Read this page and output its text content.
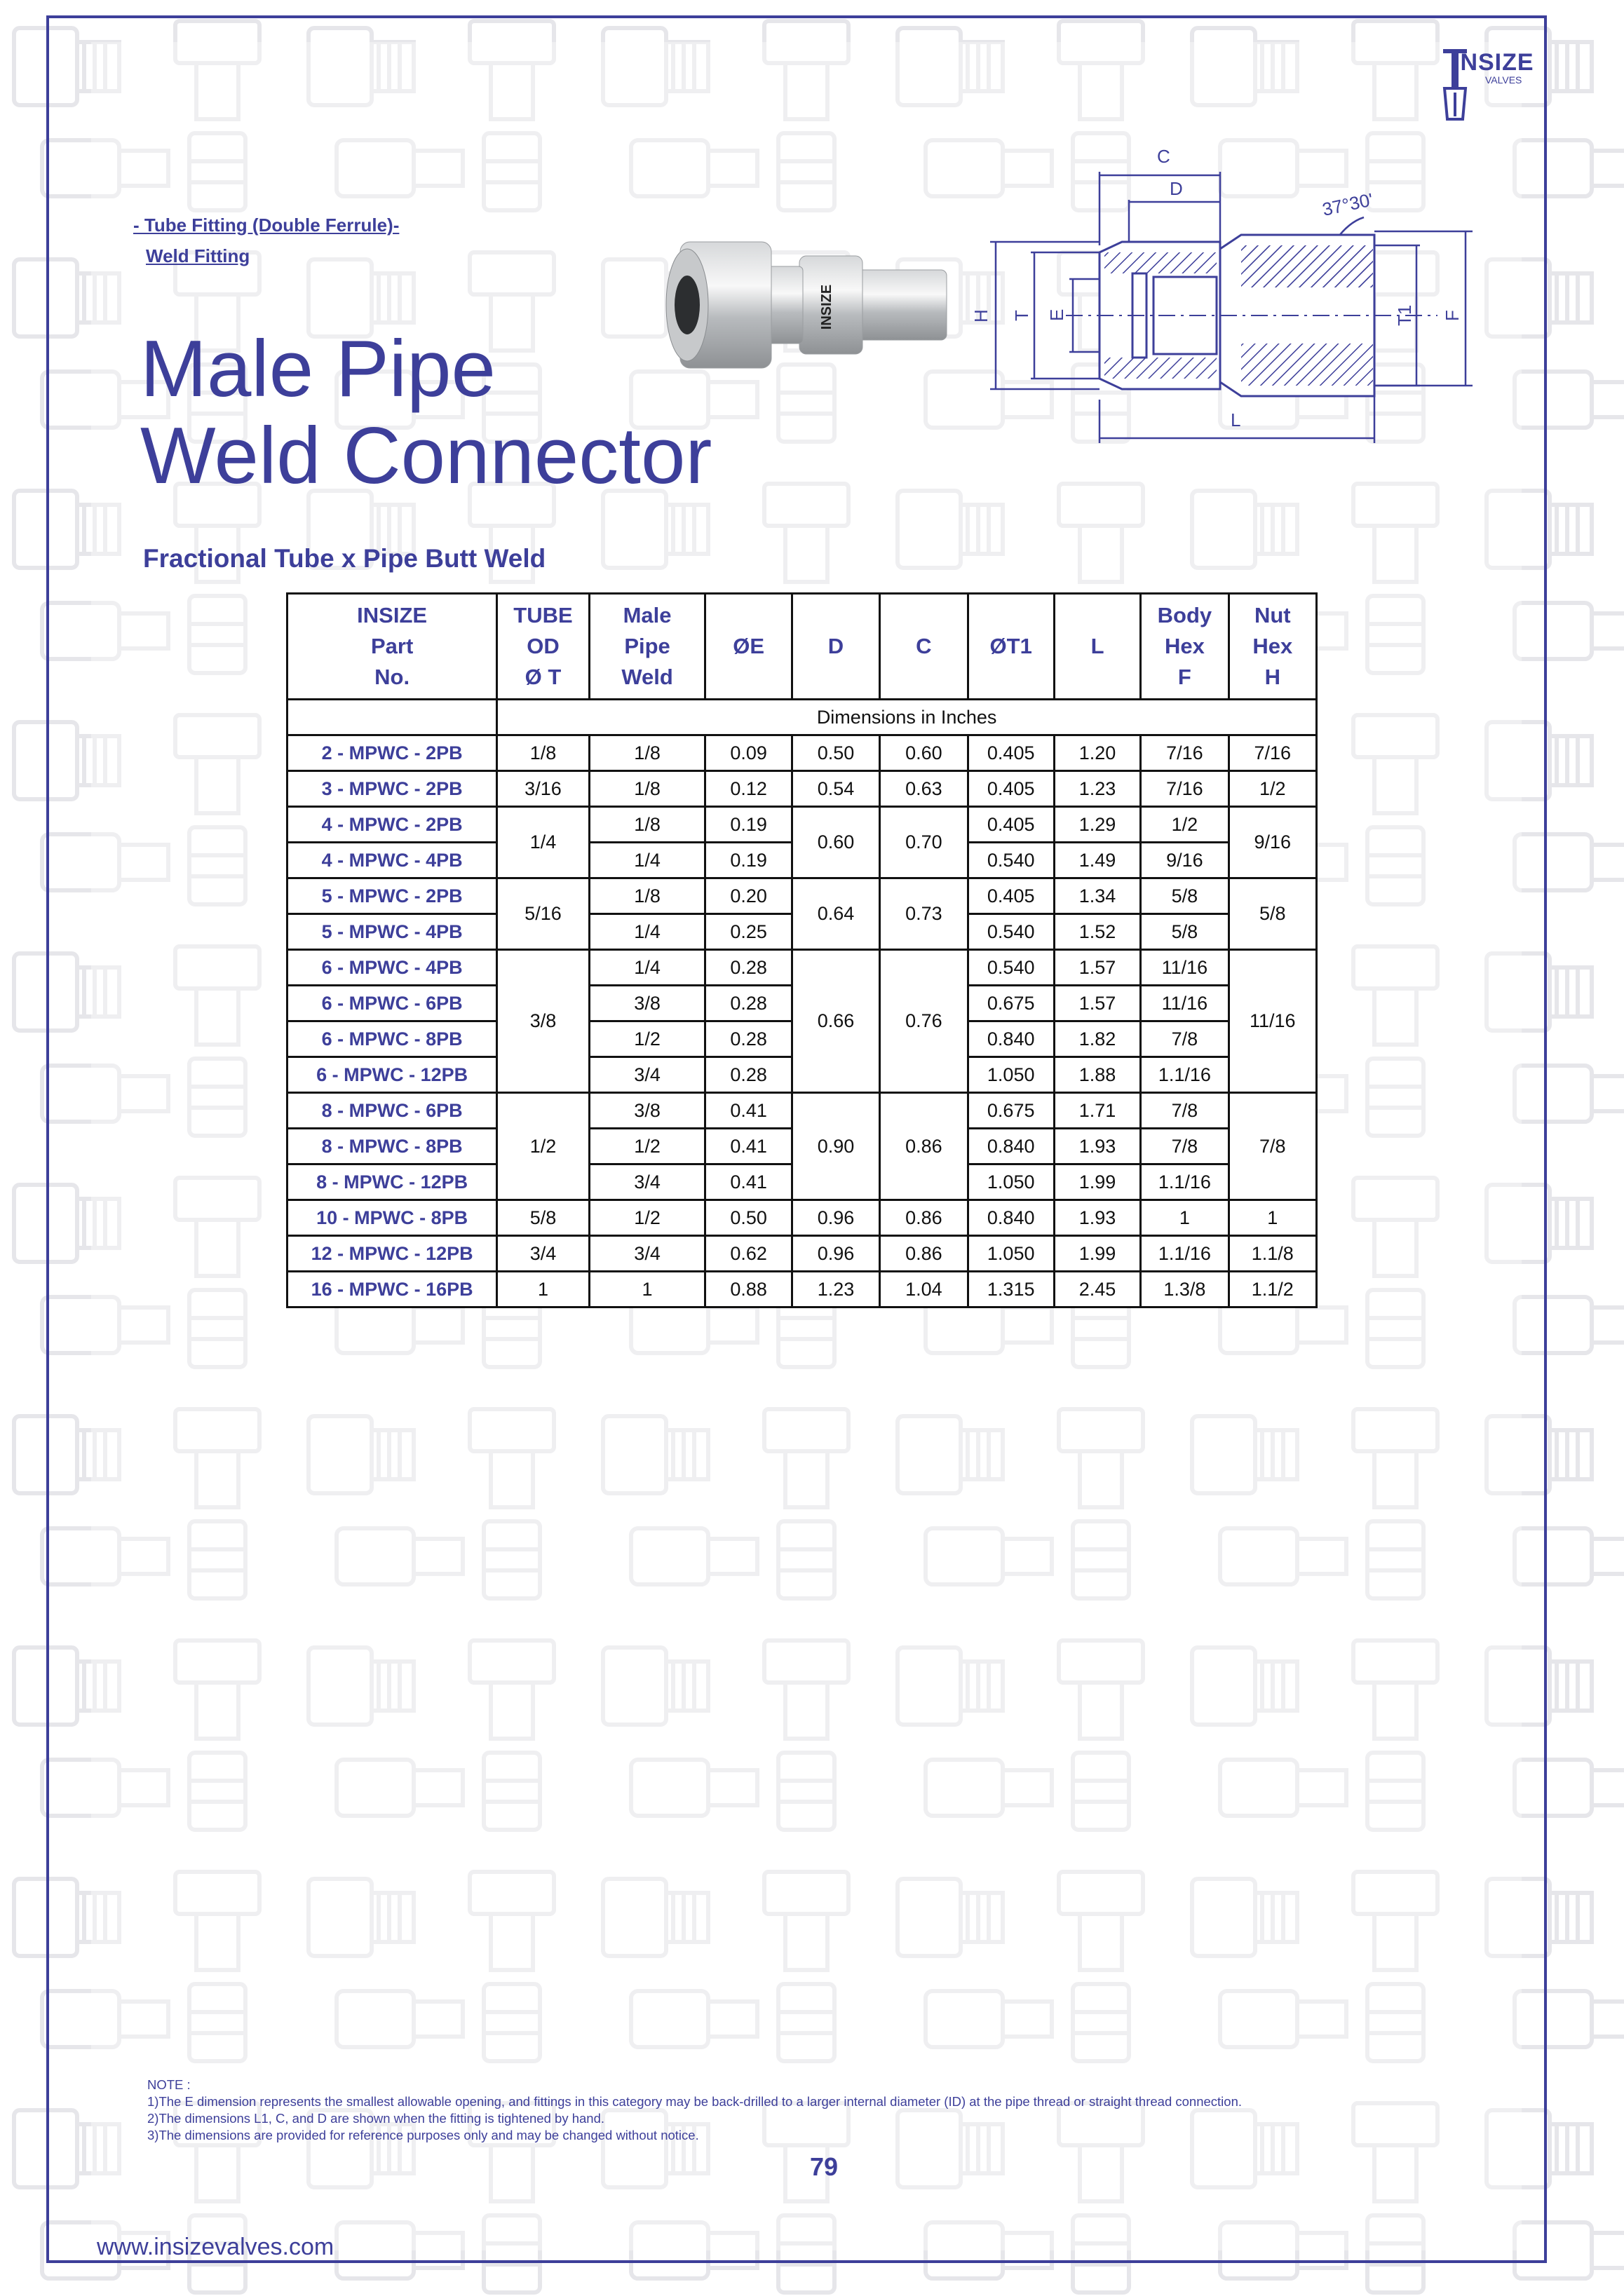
INSIZE
VALVES
- Tube Fitting (Double Ferrule)-
Weld Fitting
Male Pipe
Weld Connector
INSIZE
C
D
37°30'
H T E	T1 F
L
Fractional Tube x Pipe Butt Weld
INSIZE
Part
No.	TUBE
OD
Ø T	Male
Pipe
Weld	ØE	D	C	ØT1	L	Body
Hex
F	Nut
Hex
H
	Dimensions in Inches								
2 - MPWC - 2PB	1/8	1/8	0.09	0.50	0.60	0.405	1.20	7/16	7/16
3 - MPWC - 2PB	3/16	1/8	0.12	0.54	0.63	0.405	1.23	7/16	1/2
4 - MPWC - 2PB	1/4	1/8	0.19	0.60	0.70	0.405	1.29	1/2	9/16
4 - MPWC - 4PB		1/4	0.19			0.540	1.49	9/16	
5 - MPWC - 2PB	5/16	1/8	0.20	0.64	0.73	0.405	1.34	5/8	5/8
5 - MPWC - 4PB		1/4	0.25			0.540	1.52	5/8	
6 - MPWC - 4PB	3/8	1/4	0.28	0.66	0.76	0.540	1.57	11/16	11/16
6 - MPWC - 6PB		3/8	0.28			0.675	1.57	11/16	
6 - MPWC - 8PB		1/2	0.28			0.840	1.82	7/8	
6 - MPWC - 12PB		3/4	0.28			1.050	1.88	1.1/16	
8 - MPWC - 6PB	1/2	3/8	0.41	0.90	0.86	0.675	1.71	7/8	7/8
8 - MPWC - 8PB		1/2	0.41			0.840	1.93	7/8	
8 - MPWC - 12PB		3/4	0.41			1.050	1.99	1.1/16	
10 - MPWC - 8PB	5/8	1/2	0.50	0.96	0.86	0.840	1.93	1	1
12 - MPWC - 12PB	3/4	3/4	0.62	0.96	0.86	1.050	1.99	1.1/16	1.1/8
16 - MPWC - 16PB	1	1	0.88	1.23	1.04	1.315	2.45	1.3/8	1.1/2
NOTE :
1)The E dimension represents the smallest allowable opening, and fittings in this category may be back-drilled to a larger internal diameter (ID) at the pipe thread or straight thread connection.
2)The dimensions L1, C, and D are shown when the fitting is tightened by hand.
3)The dimensions are provided for reference purposes only and may be changed without notice.
79
www.insizevalves.com
